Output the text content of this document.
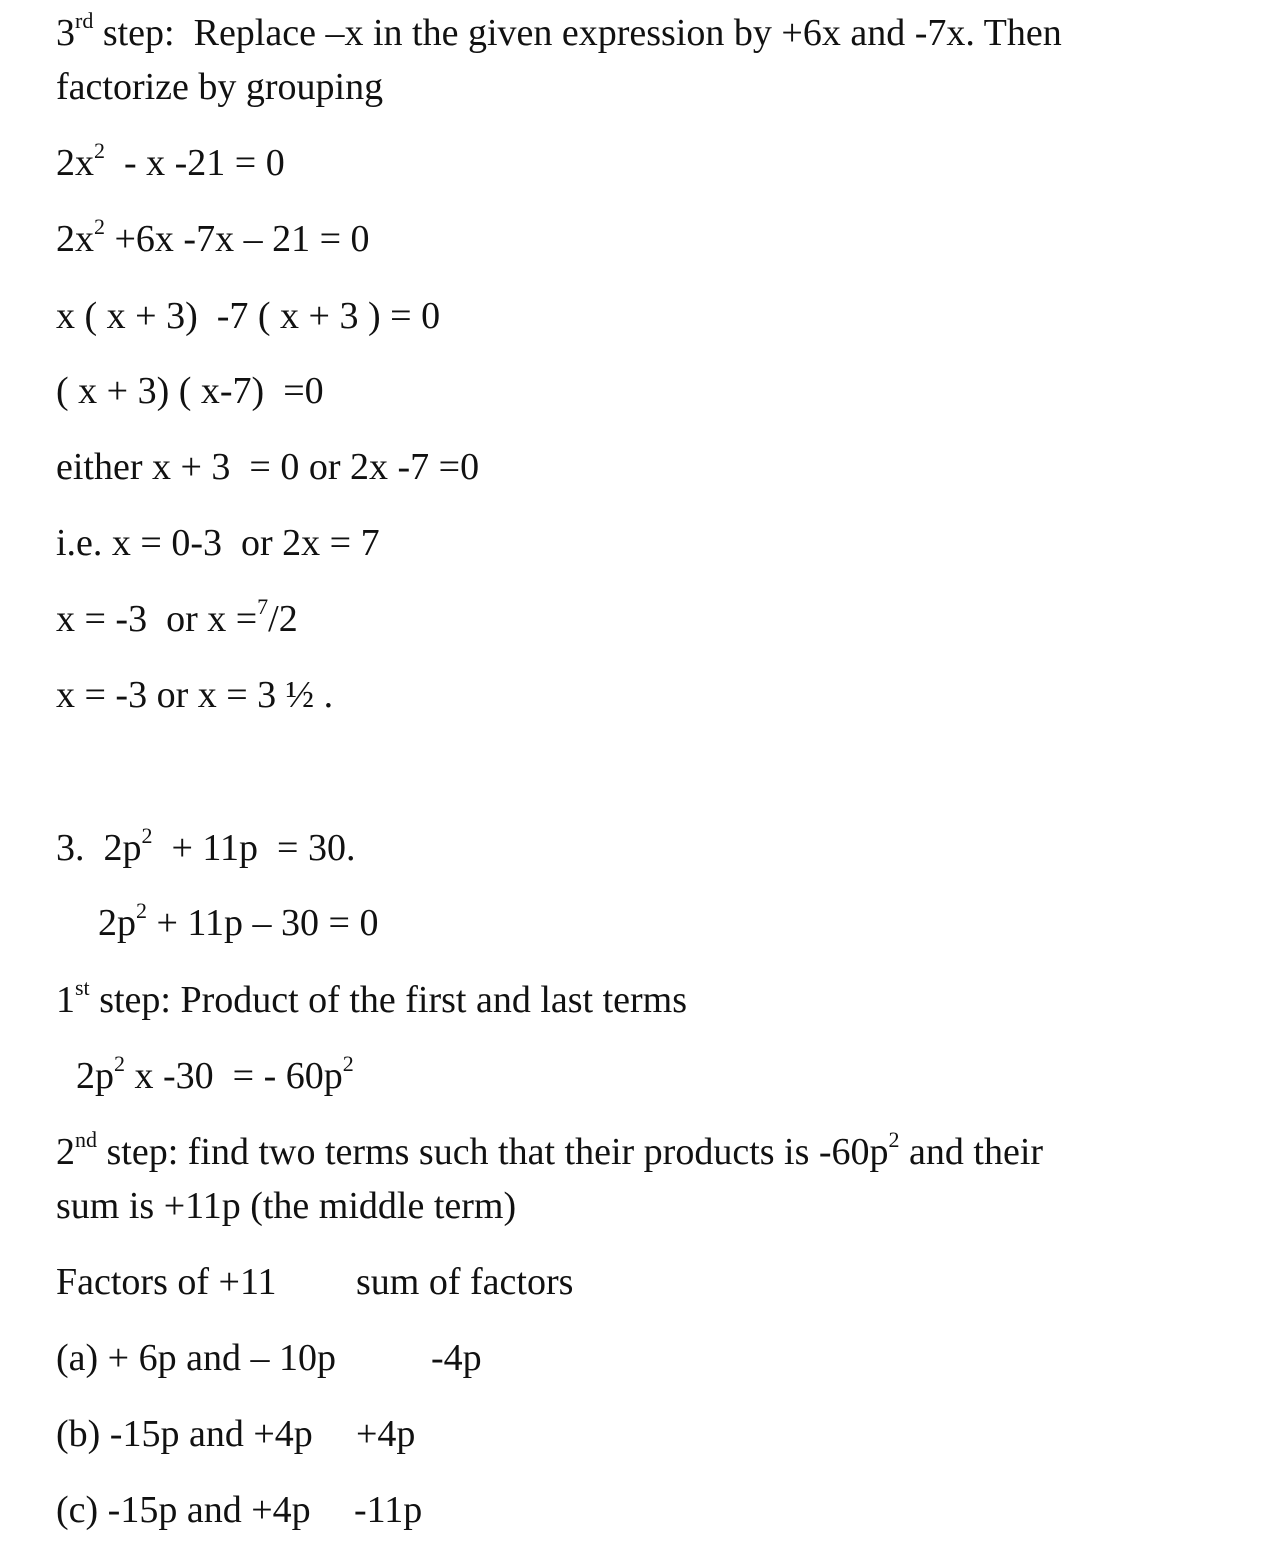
3rd step:  Replace –x in the given expression by +6x and -7x. Then
factorize by grouping
$2x^2$  - x -21 = 0
$2x^2 +6x$ -7x – 21 = 0
x ( x + 3)  -7 ( x + 3 ) = 0
( x + 3) ( x-7)  =0
either x + 3  = 0 or 2x -7 =0
i.e. x = 0-3  or 2x = 7
x = -3  or x =$^7$/2
x = -3 or x = 3 ½ .
3.  $2p^2 + 11p = 30$.
$2p^2 + 11p - 30 = 0$
1st step: Product of the first and last terms
$2p^2$ x -30  = - $60p^2$
2nd step: find two terms such that their products is $-60p^2$ and their
sum is +11p (the middle term)
Factors of +11 sum of factors
(a) + 6p and – 10p	-4p
(b) -15p and +4p +4p
(c) -15p and +4p -11p
